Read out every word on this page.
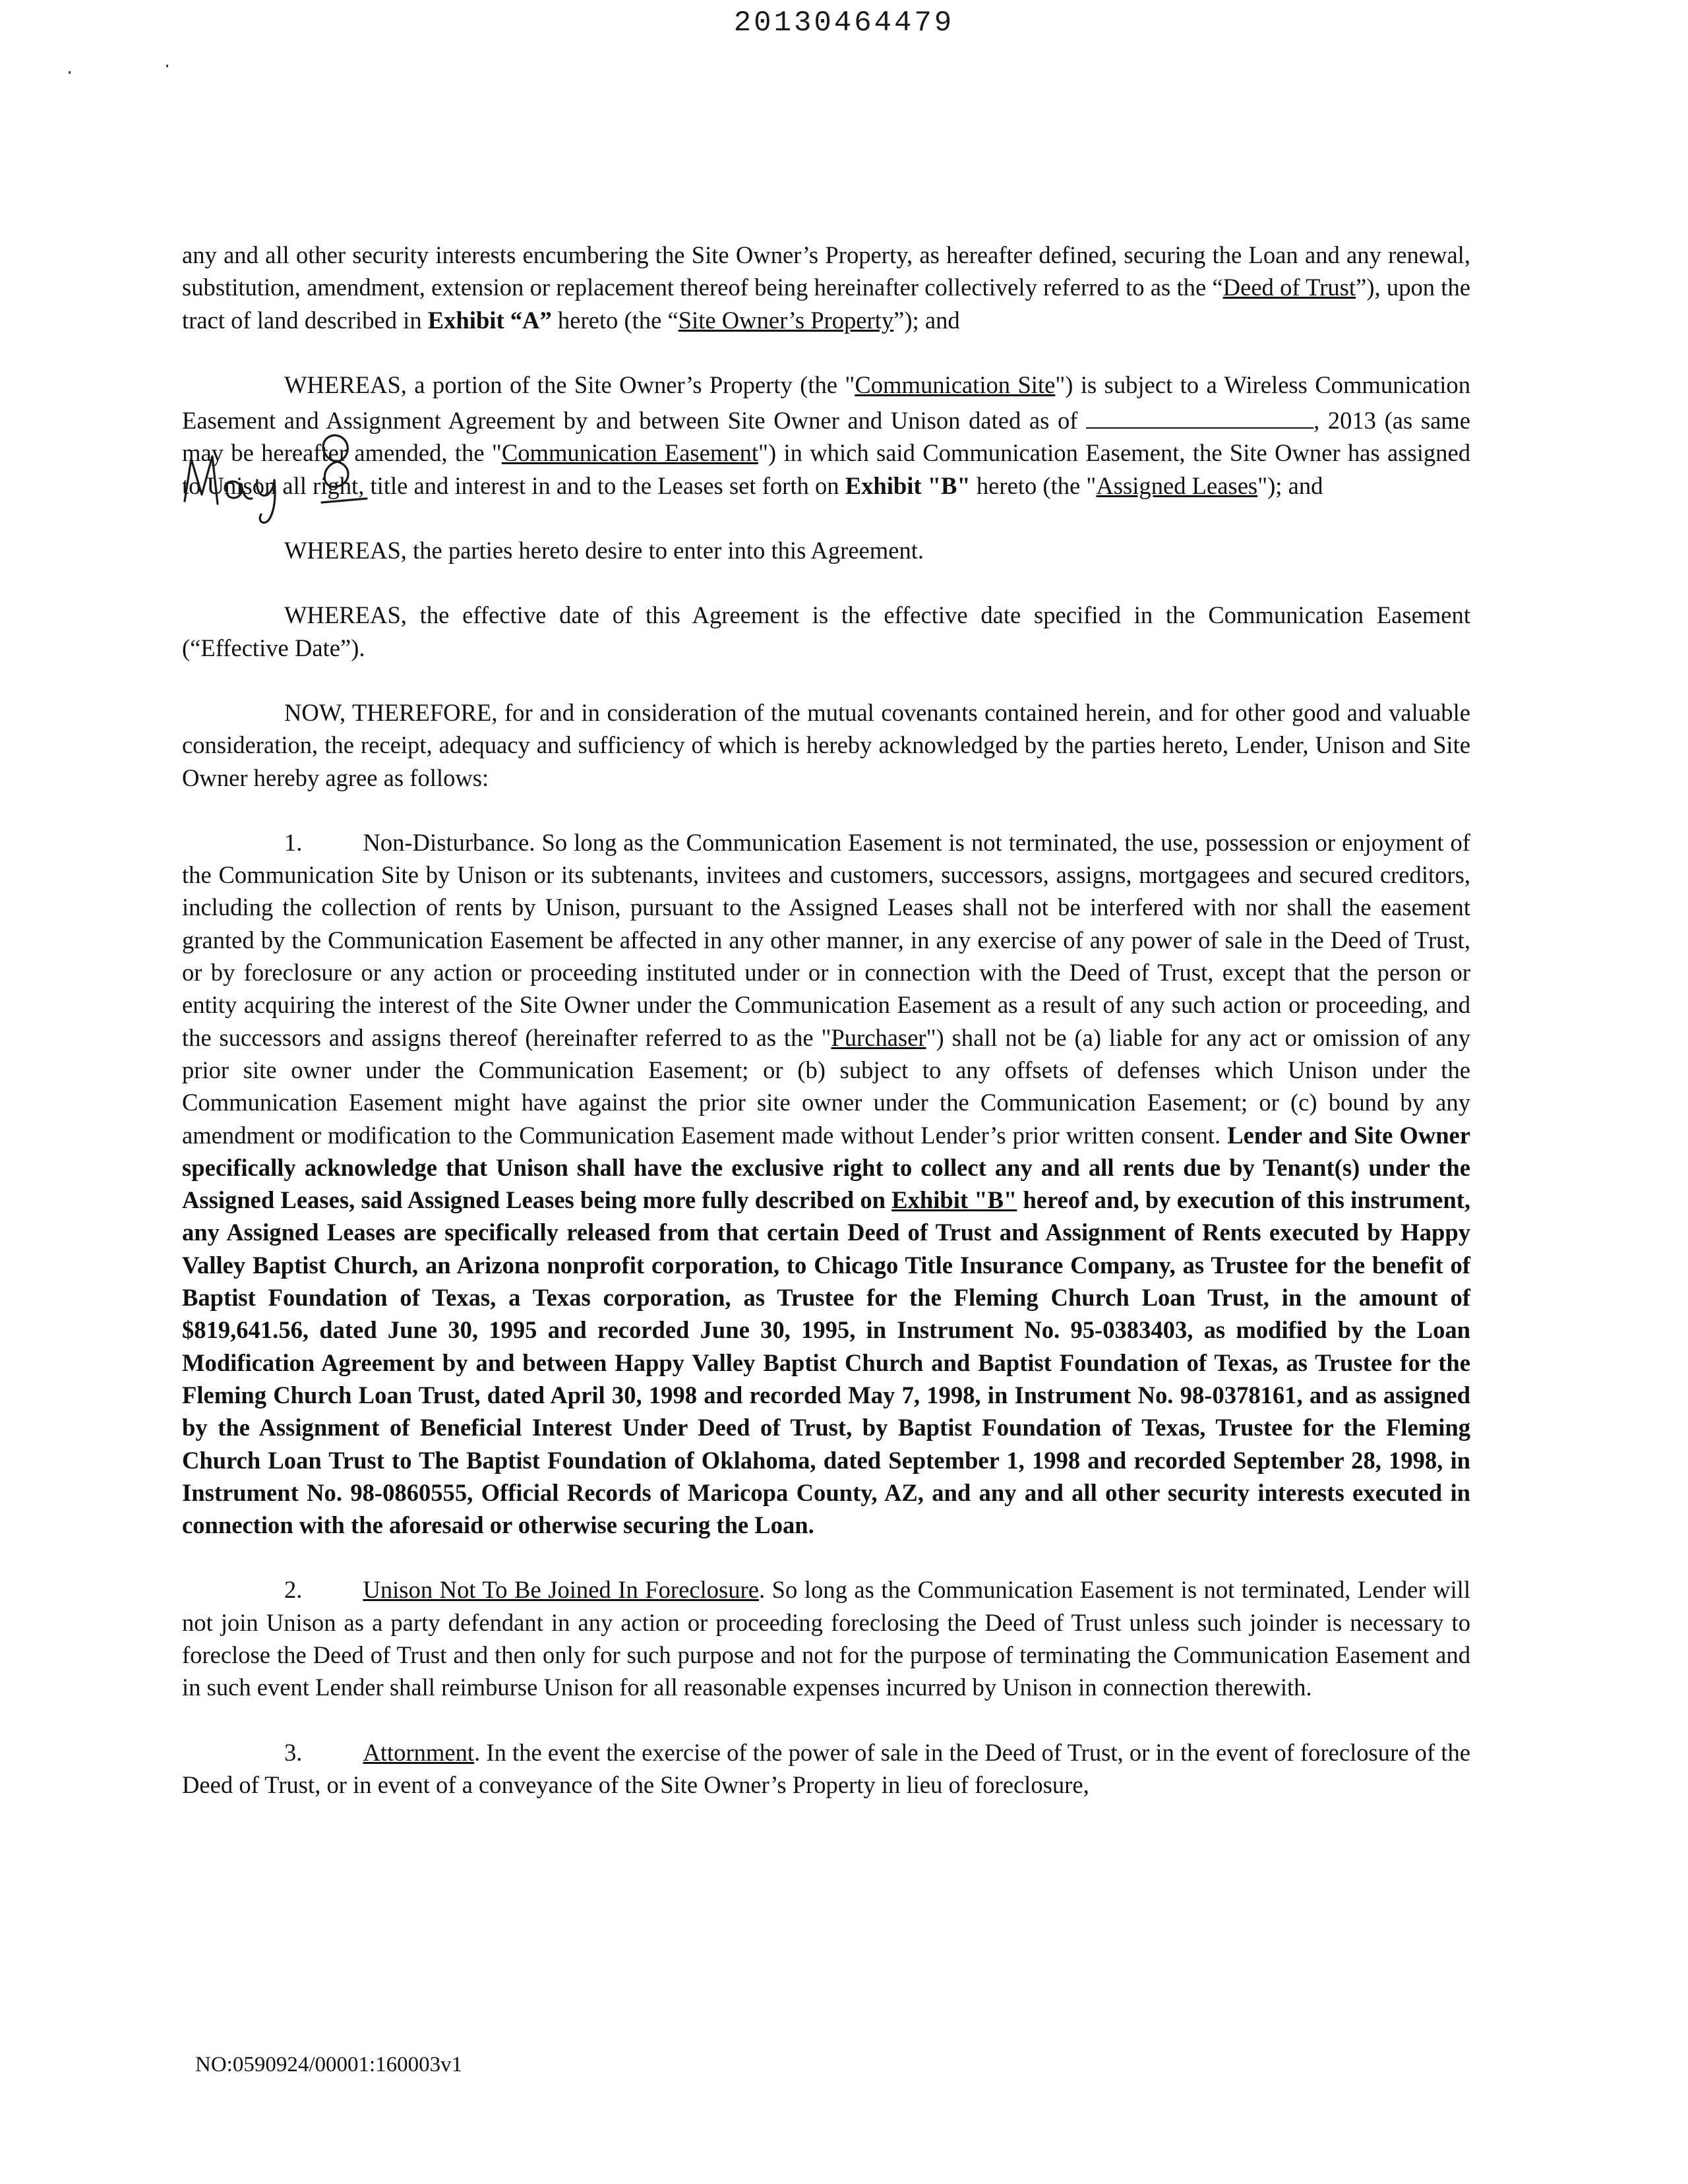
20130464479

any and all other security interests encumbering the Site Owner’s Property, as hereafter defined, securing the Loan and any renewal, substitution, amendment, extension or replacement thereof being hereinafter collectively referred to as the “Deed of Trust”), upon the tract of land described in Exhibit “A” hereto (the “Site Owner’s Property”); and

WHEREAS, a portion of the Site Owner’s Property (the "Communication Site") is subject to a Wireless Communication Easement and Assignment Agreement by and between Site Owner and Unison dated as of	, 2013 (as same may be hereafter amended, the "Communication Easement") in which said Communication Easement, the Site Owner has assigned to Unison all right, title and interest in and to the Leases set forth on Exhibit "B" hereto (the "Assigned Leases"); and

WHEREAS, the parties hereto desire to enter into this Agreement.

WHEREAS, the effective date of this Agreement is the effective date specified in the Communication Easement (“Effective Date”).

NOW, THEREFORE, for and in consideration of the mutual covenants contained herein, and for other good and valuable consideration, the receipt, adequacy and sufficiency of which is hereby acknowledged by the parties hereto, Lender, Unison and Site Owner hereby agree as follows:

1.	Non-Disturbance. So long as the Communication Easement is not terminated, the use, possession or enjoyment of the Communication Site by Unison or its subtenants, invitees and customers, successors, assigns, mortgagees and secured creditors, including the collection of rents by Unison, pursuant to the Assigned Leases shall not be interfered with nor shall the easement granted by the Communication Easement be affected in any other manner, in any exercise of any power of sale in the Deed of Trust, or by foreclosure or any action or proceeding instituted under or in connection with the Deed of Trust, except that the person or entity acquiring the interest of the Site Owner under the Communication Easement as a result of any such action or proceeding, and the successors and assigns thereof (hereinafter referred to as the "Purchaser") shall not be (a) liable for any act or omission of any prior site owner under the Communication Easement; or (b) subject to any offsets of defenses which Unison under the Communication Easement might have against the prior site owner under the Communication Easement; or (c) bound by any amendment or modification to the Communication Easement made without Lender’s prior written consent. Lender and Site Owner specifically acknowledge that Unison shall have the exclusive right to collect any and all rents due by Tenant(s) under the Assigned Leases, said Assigned Leases being more fully described on Exhibit "B" hereof and, by execution of this instrument, any Assigned Leases are specifically released from that certain Deed of Trust and Assignment of Rents executed by Happy Valley Baptist Church, an Arizona nonprofit corporation, to Chicago Title Insurance Company, as Trustee for the benefit of Baptist Foundation of Texas, a Texas corporation, as Trustee for the Fleming Church Loan Trust, in the amount of $819,641.56, dated June 30, 1995 and recorded June 30, 1995, in Instrument No. 95-0383403, as modified by the Loan Modification Agreement by and between Happy Valley Baptist Church and Baptist Foundation of Texas, as Trustee for the Fleming Church Loan Trust, dated April 30, 1998 and recorded May 7, 1998, in Instrument No. 98-0378161, and as assigned by the Assignment of Beneficial Interest Under Deed of Trust, by Baptist Foundation of Texas, Trustee for the Fleming Church Loan Trust to The Baptist Foundation of Oklahoma, dated September 1, 1998 and recorded September 28, 1998, in Instrument No. 98-0860555, Official Records of Maricopa County, AZ, and any and all other security interests executed in connection with the aforesaid or otherwise securing the Loan.

2.	Unison Not To Be Joined In Foreclosure. So long as the Communication Easement is not terminated, Lender will not join Unison as a party defendant in any action or proceeding foreclosing the Deed of Trust unless such joinder is necessary to foreclose the Deed of Trust and then only for such purpose and not for the purpose of terminating the Communication Easement and in such event Lender shall reimburse Unison for all reasonable expenses incurred by Unison in connection therewith.

3.	Attornment. In the event the exercise of the power of sale in the Deed of Trust, or in the event of foreclosure of the Deed of Trust, or in event of a conveyance of the Site Owner’s Property in lieu of foreclosure,

NO:0590924/00001:160003v1
